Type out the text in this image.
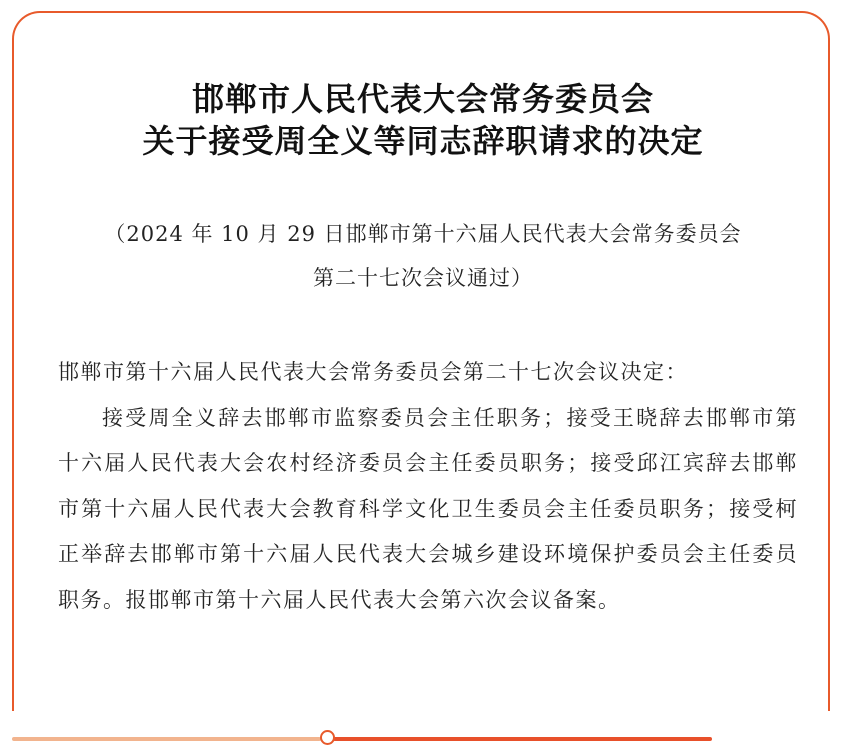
邯郸市人民代表大会常务委员会
关于接受周全义等同志辞职请求的决定
（2024 年 10 月 29 日邯郸市第十六届人民代表大会常务委员会
第二十七次会议通过）

邯郸市第十六届人民代表大会常务委员会第二十七次会议决定：

接受周全义辞去邯郸市监察委员会主任职务；接受王晓辞去邯郸市第十六届人民代表大会农村经济委员会主任委员职务；接受邱江宾辞去邯郸市第十六届人民代表大会教育科学文化卫生委员会主任委员职务；接受柯正举辞去邯郸市第十六届人民代表大会城乡建设环境保护委员会主任委员职务。报邯郸市第十六届人民代表大会第六次会议备案。
